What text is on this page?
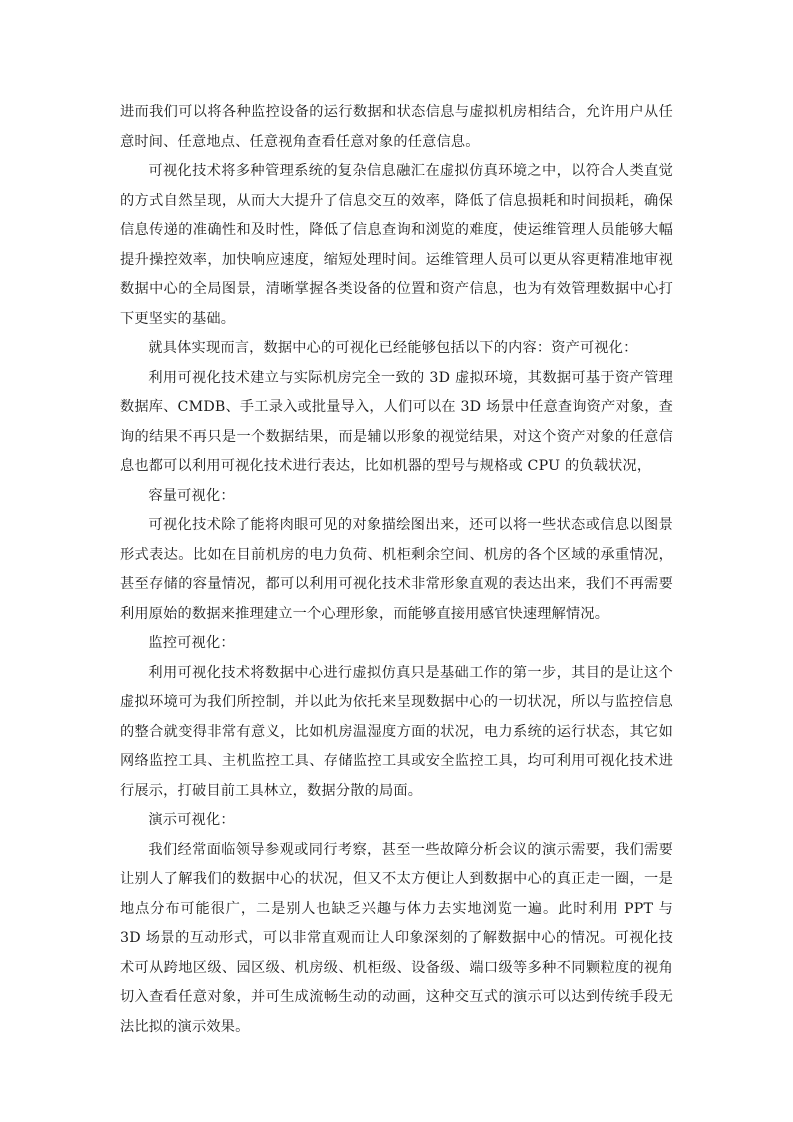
进而我们可以将各种监控设备的运行数据和状态信息与虚拟机房相结合，允许用户从任意时间、任意地点、任意视角查看任意对象的任意信息。

可视化技术将多种管理系统的复杂信息融汇在虚拟仿真环境之中，以符合人类直觉的方式自然呈现，从而大大提升了信息交互的效率，降低了信息损耗和时间损耗，确保信息传递的准确性和及时性，降低了信息查询和浏览的难度，使运维管理人员能够大幅提升操控效率，加快响应速度，缩短处理时间。运维管理人员可以更从容更精准地审视数据中心的全局图景，清晰掌握各类设备的位置和资产信息，也为有效管理数据中心打下更坚实的基础。

就具体实现而言，数据中心的可视化已经能够包括以下的内容：资产可视化：

利用可视化技术建立与实际机房完全一致的 3D 虚拟环境，其数据可基于资产管理数据库、CMDB、手工录入或批量导入，人们可以在 3D 场景中任意查询资产对象，查询的结果不再只是一个数据结果，而是辅以形象的视觉结果，对这个资产对象的任意信息也都可以利用可视化技术进行表达，比如机器的型号与规格或 CPU 的负载状况，

容量可视化：

可视化技术除了能将肉眼可见的对象描绘图出来，还可以将一些状态或信息以图景形式表达。比如在目前机房的电力负荷、机柜剩余空间、机房的各个区域的承重情况，甚至存储的容量情况，都可以利用可视化技术非常形象直观的表达出来，我们不再需要利用原始的数据来推理建立一个心理形象，而能够直接用感官快速理解情况。

监控可视化：

利用可视化技术将数据中心进行虚拟仿真只是基础工作的第一步，其目的是让这个虚拟环境可为我们所控制，并以此为依托来呈现数据中心的一切状况，所以与监控信息的整合就变得非常有意义，比如机房温湿度方面的状况，电力系统的运行状态，其它如网络监控工具、主机监控工具、存储监控工具或安全监控工具，均可利用可视化技术进行展示，打破目前工具林立，数据分散的局面。

演示可视化：

我们经常面临领导参观或同行考察，甚至一些故障分析会议的演示需要，我们需要让别人了解我们的数据中心的状况，但又不太方便让人到数据中心的真正走一圈，一是地点分布可能很广，二是别人也缺乏兴趣与体力去实地浏览一遍。此时利用 PPT 与 3D 场景的互动形式，可以非常直观而让人印象深刻的了解数据中心的情况。可视化技术可从跨地区级、园区级、机房级、机柜级、设备级、端口级等多种不同颗粒度的视角切入查看任意对象，并可生成流畅生动的动画，这种交互式的演示可以达到传统手段无法比拟的演示效果。
